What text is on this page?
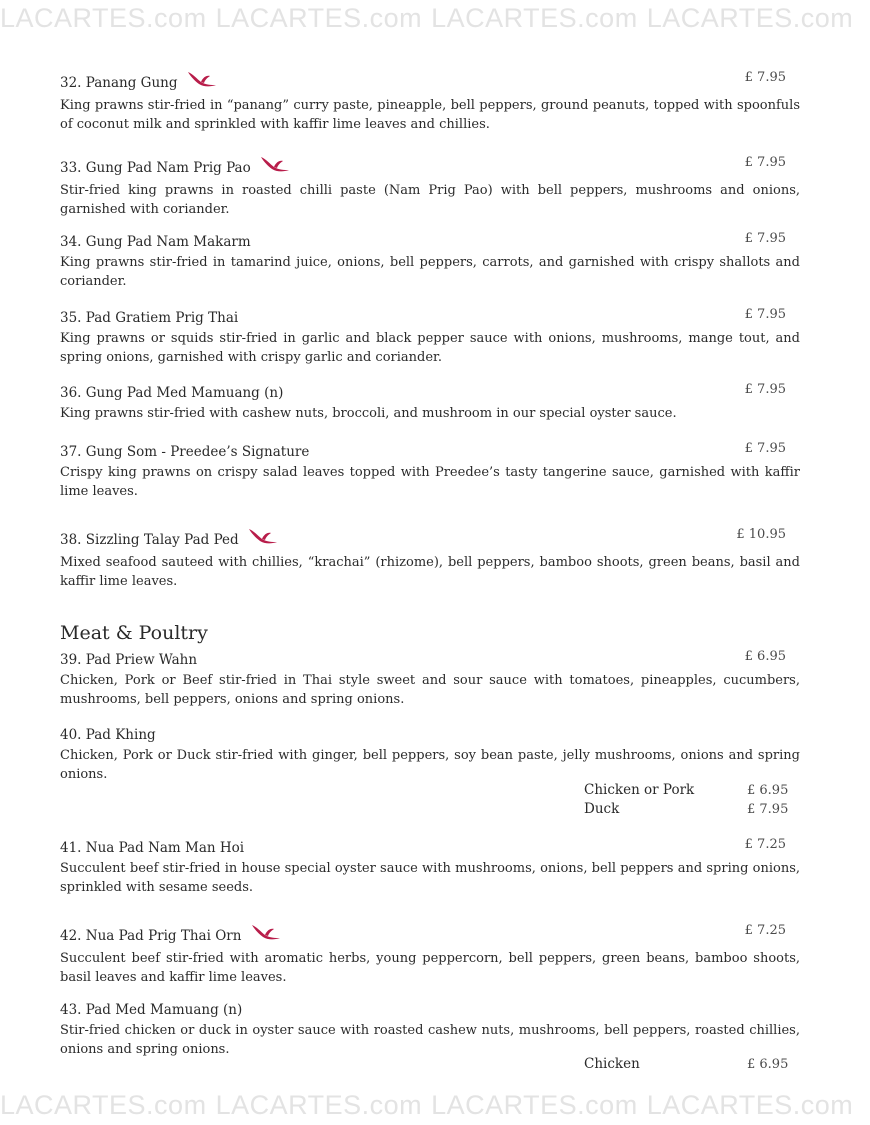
LACARTES.com LACARTES.com LACARTES.com LACARTES.com
32. Panang Gung	£ 7.95
King prawns stir-fried in “panang” curry paste, pineapple, bell peppers, ground peanuts, topped with spoonfuls of coconut milk and sprinkled with kaffir lime leaves and chillies.
33. Gung Pad Nam Prig Pao	£ 7.95
Stir-fried king prawns in roasted chilli paste (Nam Prig Pao) with bell peppers, mushrooms and onions, garnished with coriander.
34. Gung Pad Nam Makarm	£ 7.95
King prawns stir-fried in tamarind juice, onions, bell peppers, carrots, and garnished with crispy shallots and coriander.
35. Pad Gratiem Prig Thai	£ 7.95
King prawns or squids stir-fried in garlic and black pepper sauce with onions, mushrooms, mange tout, and spring onions, garnished with crispy garlic and coriander.
36. Gung Pad Med Mamuang (n)	£ 7.95
King prawns stir-fried with cashew nuts, broccoli, and mushroom in our special oyster sauce.
37. Gung Som - Preedee’s Signature	£ 7.95
Crispy king prawns on crispy salad leaves topped with Preedee’s tasty tangerine sauce, garnished with kaffir lime leaves.
38. Sizzling Talay Pad Ped	£ 10.95
Mixed seafood sauteed with chillies, “krachai” (rhizome), bell peppers, bamboo shoots, green beans, basil and kaffir lime leaves.
Meat & Poultry
39. Pad Priew Wahn	£ 6.95
Chicken, Pork or Beef stir-fried in Thai style sweet and sour sauce with tomatoes, pineapples, cucumbers, mushrooms, bell peppers, onions and spring onions.
40. Pad Khing
Chicken, Pork or Duck stir-fried with ginger, bell peppers, soy bean paste, jelly mushrooms, onions and spring onions.
Chicken or Pork	£ 6.95
Duck	£ 7.95
41. Nua Pad Nam Man Hoi	£ 7.25
Succulent beef stir-fried in house special oyster sauce with mushrooms, onions, bell peppers and spring onions, sprinkled with sesame seeds.
42. Nua Pad Prig Thai Orn	£ 7.25
Succulent beef stir-fried with aromatic herbs, young peppercorn, bell peppers, green beans, bamboo shoots, basil leaves and kaffir lime leaves.
43. Pad Med Mamuang (n)
Stir-fried chicken or duck in oyster sauce with roasted cashew nuts, mushrooms, bell peppers, roasted chillies, onions and spring onions.
Chicken	£ 6.95
LACARTES.com LACARTES.com LACARTES.com LACARTES.com
